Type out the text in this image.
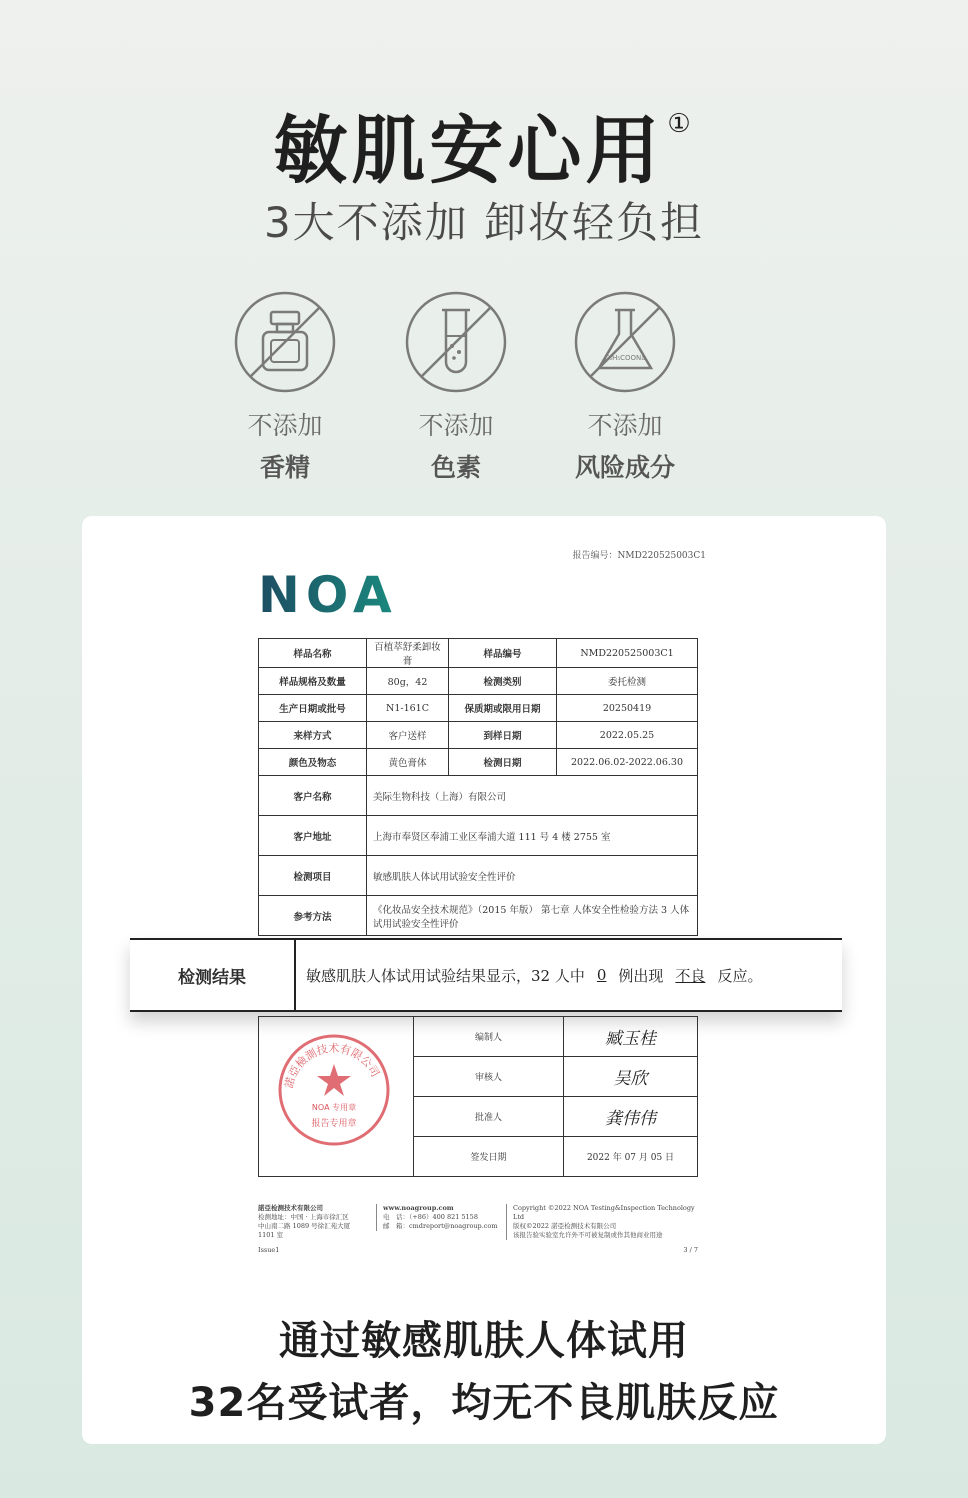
敏肌安心用 ①
3大不添加 卸妆轻负担
不添加
香精
不添加
色素
C₆H₅COONa
不添加
风险成分
报告编号：NMD220525003C1
NOA
样品名称	百植萃舒柔卸妆膏	样品编号	NMD220525003C1
样品规格及数量	80g，42	检测类别	委托检测
生产日期或批号	N1-161C	保质期或限用日期	20250419
来样方式	客户送样	到样日期	2022.05.25
颜色及物态	黄色膏体	检测日期	2022.06.02-2022.06.30
客户名称	美际生物科技（上海）有限公司		
客户地址	上海市奉贤区奉浦工业区奉浦大道 111 号 4 楼 2755 室		
检测项目	敏感肌肤人体试用试验安全性评价		
参考方法	《化妆品安全技术规范》（2015 年版） 第七章 人体安全性检验方法 3 人体试用试验安全性评价		
检测结果	敏感肌肤人体试用试验结果显示，32 人中 0 例出现 不良 反应。
	编制人	臧玉桂
	审核人	吴欣
	批准人	龚伟伟
	签发日期	2022 年 07 月 05 日
諾亞檢測技术有限公司
NOA 专用章
报告专用章
諾亞检测技术有限公司
检测地址：中国 · 上海市徐汇区
中山南二路 1089 号徐汇苑大厦
1101 室
www.noagroup.com
电　话：（+86）400 821 5158
邮　箱：cmdreport@noagroup.com
Copyright ©2022 NOA Testing&Inspection Technology Ltd
版权©2022 諾亞检测技术有限公司
该报告验实验室允许外不可被复制或作其他商业用途
Issue1	3 / 7
通过敏感肌肤人体试用
32名受试者，均无不良肌肤反应
